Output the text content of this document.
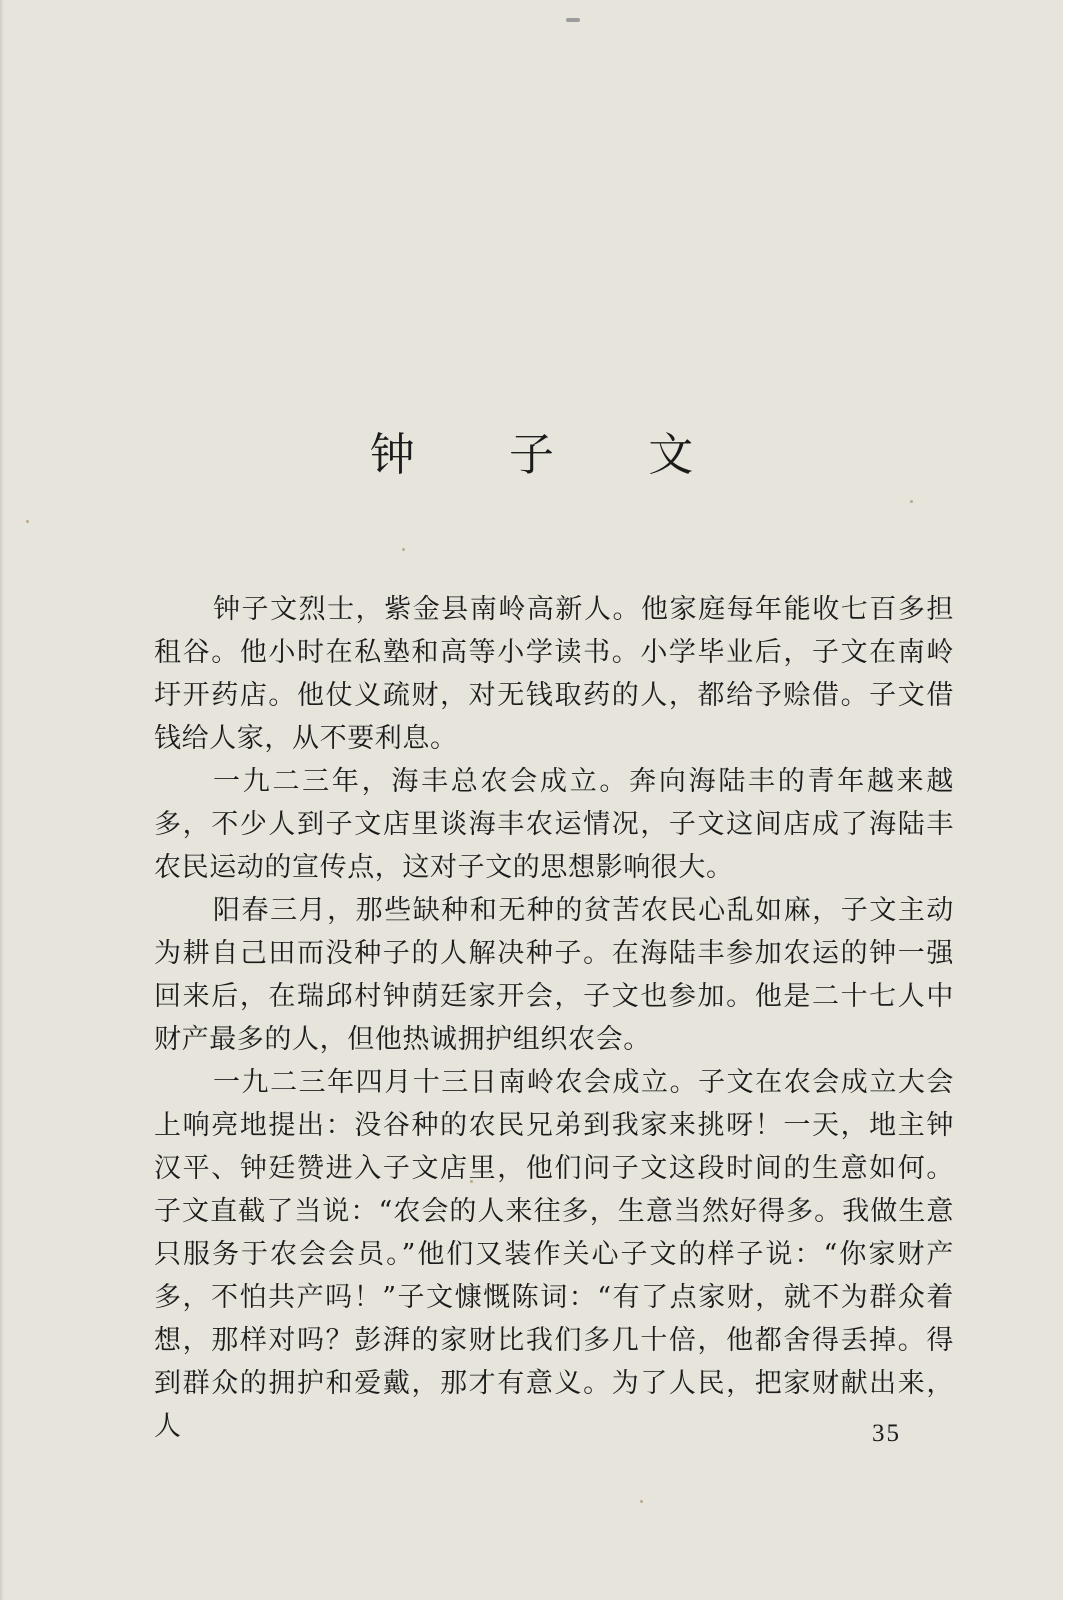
钟 子 文

钟子文烈士，紫金县南岭高新人。他家庭每年能收七百多担租谷。他小时在私塾和高等小学读书。小学毕业后，子文在南岭圩开药店。他仗义疏财，对无钱取药的人，都给予赊借。子文借钱给人家，从不要利息。

一九二三年，海丰总农会成立。奔向海陆丰的青年越来越多，不少人到子文店里谈海丰农运情况，子文这间店成了海陆丰农民运动的宣传点，这对子文的思想影响很大。

阳春三月，那些缺种和无种的贫苦农民心乱如麻，子文主动为耕自己田而没种子的人解决种子。在海陆丰参加农运的钟一强回来后，在瑞邱村钟荫廷家开会，子文也参加。他是二十七人中财产最多的人，但他热诚拥护组织农会。

一九二三年四月十三日南岭农会成立。子文在农会成立大会上响亮地提出：没谷种的农民兄弟到我家来挑呀！一天，地主钟汉平、钟廷赞进入子文店里，他们问子文这段时间的生意如何。子文直截了当说：“农会的人来往多，生意当然好得多。我做生意只服务于农会会员。”他们又装作关心子文的样子说：“你家财产多，不怕共产吗！”子文慷慨陈词：“有了点家财，就不为群众着想，那样对吗？彭湃的家财比我们多几十倍，他都舍得丢掉。得到群众的拥护和爱戴，那才有意义。为了人民，把家财献出来，人	35
